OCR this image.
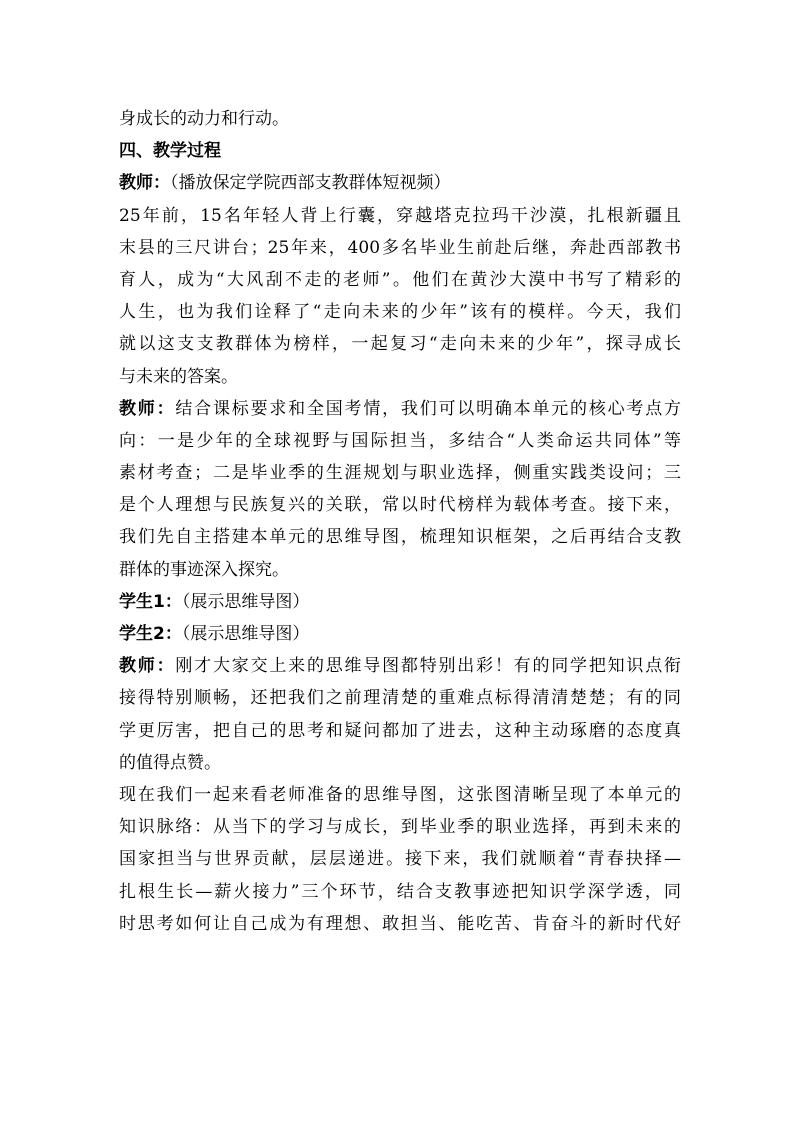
身成长的动力和行动。
四、教学过程
教师：（播放保定学院西部支教群体短视频）
25年前，15名年轻人背上行囊，穿越塔克拉玛干沙漠，扎根新疆且
末县的三尺讲台；25年来，400多名毕业生前赴后继，奔赴西部教书
育人，成为“大风刮不走的老师”。他们在黄沙大漠中书写了精彩的
人生，也为我们诠释了“走向未来的少年”该有的模样。今天，我们
就以这支支教群体为榜样，一起复习“走向未来的少年”，探寻成长
与未来的答案。
教师：结合课标要求和全国考情，我们可以明确本单元的核心考点方
向：一是少年的全球视野与国际担当，多结合“人类命运共同体”等
素材考查；二是毕业季的生涯规划与职业选择，侧重实践类设问；三
是个人理想与民族复兴的关联，常以时代榜样为载体考查。接下来，
我们先自主搭建本单元的思维导图，梳理知识框架，之后再结合支教
群体的事迹深入探究。
学生1：（展示思维导图）
学生2：（展示思维导图）
教师：刚才大家交上来的思维导图都特别出彩！有的同学把知识点衔
接得特别顺畅，还把我们之前理清楚的重难点标得清清楚楚；有的同
学更厉害，把自己的思考和疑问都加了进去，这种主动琢磨的态度真
的值得点赞。
现在我们一起来看老师准备的思维导图，这张图清晰呈现了本单元的
知识脉络：从当下的学习与成长，到毕业季的职业选择，再到未来的
国家担当与世界贡献，层层递进。接下来，我们就顺着“青春抉择—
扎根生长—薪火接力”三个环节，结合支教事迹把知识学深学透，同
时思考如何让自己成为有理想、敢担当、能吃苦、肯奋斗的新时代好
